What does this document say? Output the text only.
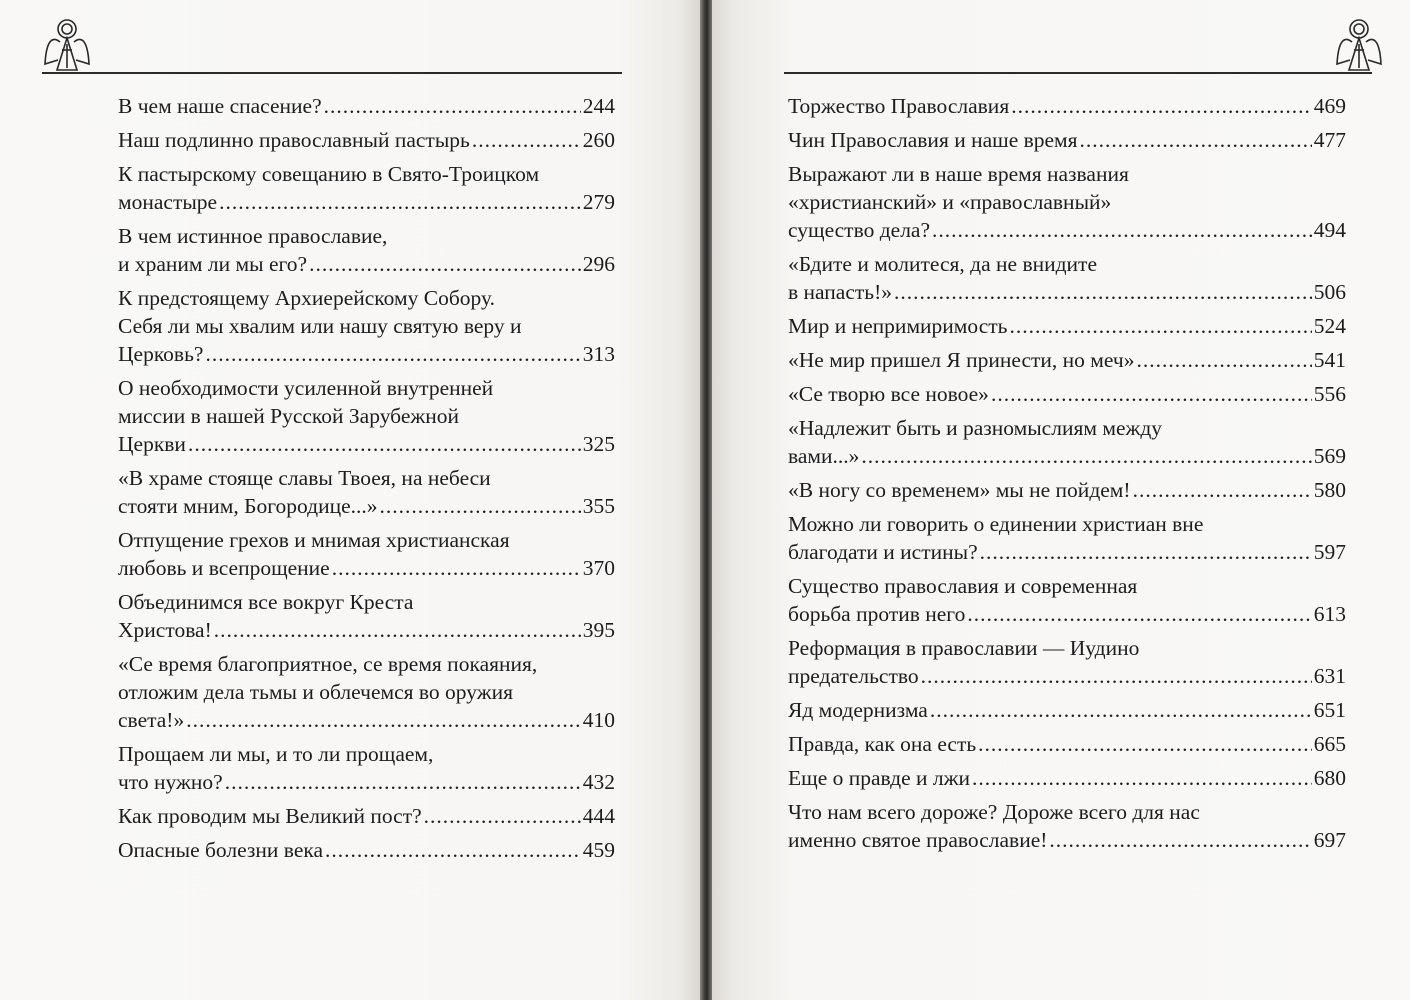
В чем наше спасение? .....	244
Наш подлинно православный пастырь .....	260
К пастырскому совещанию в Свято-Троицком
монастыре .....	279
В чем истинное православие,
и храним ли мы его? .....	296
К предстоящему Архиерейскому Собору.
Себя ли мы хвалим или нашу святую веру и
Церковь? .....	313
О необходимости усиленной внутренней
миссии в нашей Русской Зарубежной
Церкви .....	325
«В храме стояще славы Твоея, на небеси
стояти мним, Богородице...» .....	355
Отпущение грехов и мнимая христианская
любовь и всепрощение .....	370
Объединимся все вокруг Креста
Христова! .....	395
«Се время благоприятное, се время покаяния,
отложим дела тьмы и облечемся во оружия
света!» .....	410
Прощаем ли мы, и то ли прощаем,
что нужно? .....	432
Как проводим мы Великий пост? .....	444
Опасные болезни века .....	459
Торжество Православия .....	469
Чин Православия и наше время .....	477
Выражают ли в наше время названия
«христианский» и «православный»
существо дела? .....	494
«Бдите и молитеся, да не внидите
в напасть!» .....	506
Мир и непримиримость .....	524
«Не мир пришел Я принести, но меч» .....	541
«Се творю все новое» .....	556
«Надлежит быть и разномыслиям между
вами...» .....	569
«В ногу со временем» мы не пойдем! .....	580
Можно ли говорить о единении христиан вне
благодати и истины? .....	597
Существо православия и современная
борьба против него .....	613
Реформация в православии — Иудино
предательство .....	631
Яд модернизма .....	651
Правда, как она есть .....	665
Еще о правде и лжи .....	680
Что нам всего дороже? Дороже всего для нас
именно святое православие! .....	697
